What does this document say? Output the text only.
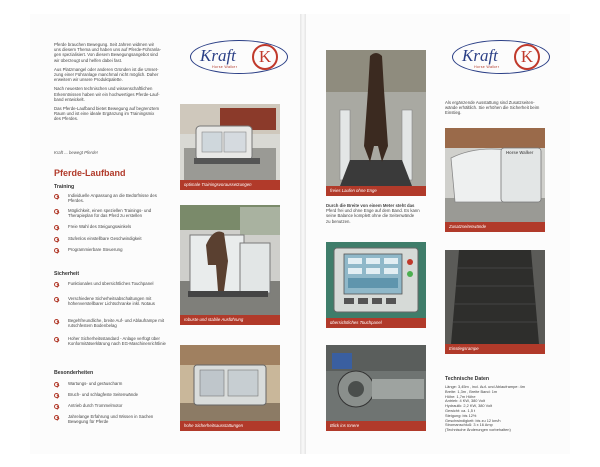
Pferde brauchen Bewegung. Seit Jahren widmen wir
uns diesem Thema und haben uns auf Pferde-Führanla-
gen spezialisiert. Von diesem Bewegungsangebot sind
wir überzeugt und helfen dabei fast.
Aus Platzmangel oder anderen Gründen ist die Umset-
zung einer Führanlage manchmal nicht möglich. Daher
erweitern wir unsere Produktpalette.
Nach neuesten technischen und wissenschaftlichen
Erkenntnissen haben wir ein hochwertiges Pferde-Lauf-
band entwickelt.
Das Pferde-Laufband bietet Bewegung auf begrenztem
Raum und ist eine ideale Ergänzung im Trainingsmix
des Pferdes.
Kraft ... bewegt Pferde!
Kraft	K
Horse Walker
Pferde-Laufband
Training
Individuelle Anpassung an die Bedürfnisse des Pferdes.
Möglichkeit, einen speziellen Trainings- und Therapieplan für das Pferd zu erstellen
Freie Wahl des Steigungswinkels
Stufenlos einstellbare Geschwindigkeit
Programmierbare Steuerung
Sicherheit
Funktionales und übersichtliches Touchpanel
Verschiedene Sicherheitsabschaltungen mit höhenverstellbarer Lichtschranke inkl. Notaus
Begehfreundliche, breite Auf- und Ablauframpe mit rutschfestem Bodenbelag
Hoher Sicherheitsstandard - Anlage verfügt über Konformitätserklärung nach EG-Maschinenrichtlinie
Besonderheiten
Wartungs- und geräuscharm
Bruch- und schlagfeste Seitenwände
Antrieb durch Trommelmotor
Jahrelange Erfahrung und Wissen in Sachen Bewegung für Pferde
optimale Trainingsvoraussetzungen
robuste und stabile Ausführung
hohe Sicherheitsausstattungen
freies Laufen ohne Enge
Durch die Breite von einem Meter steht das
Pferd frei und ohne Enge auf dem Band. Es kann
seine Balance komplett ohne die Seitenwände
zu benutzen.
übersichtliches Touchpanel
Blick ins Innere
Kraft	K
Horse Walker
Als ergänzende Ausstattung sind Zusatzseiten-
wände erhältlich. Sie erhöhen die Sicherheit beim
Einstieg.
Horse Walker
Zusatzseitenwände
Einstiegsrampe
Technische Daten
Länge: 3,45m , incl. Auf- und Ablauframpe: 4m
Breite: 1,3m , Breite Band: 1m
Höhe: 1,7m Höhe
Antrieb: 4 KW, 380 Volt
Hydraulik: 2,2 KW, 380 Volt
Gewicht: ca. 1,5 t
Steigung: bis 12%
Geschwindigkeit: bis zu 12 km/h
Stromanschluß: 3 x 16 Amp
(Technische Änderungen vorbehalten)
